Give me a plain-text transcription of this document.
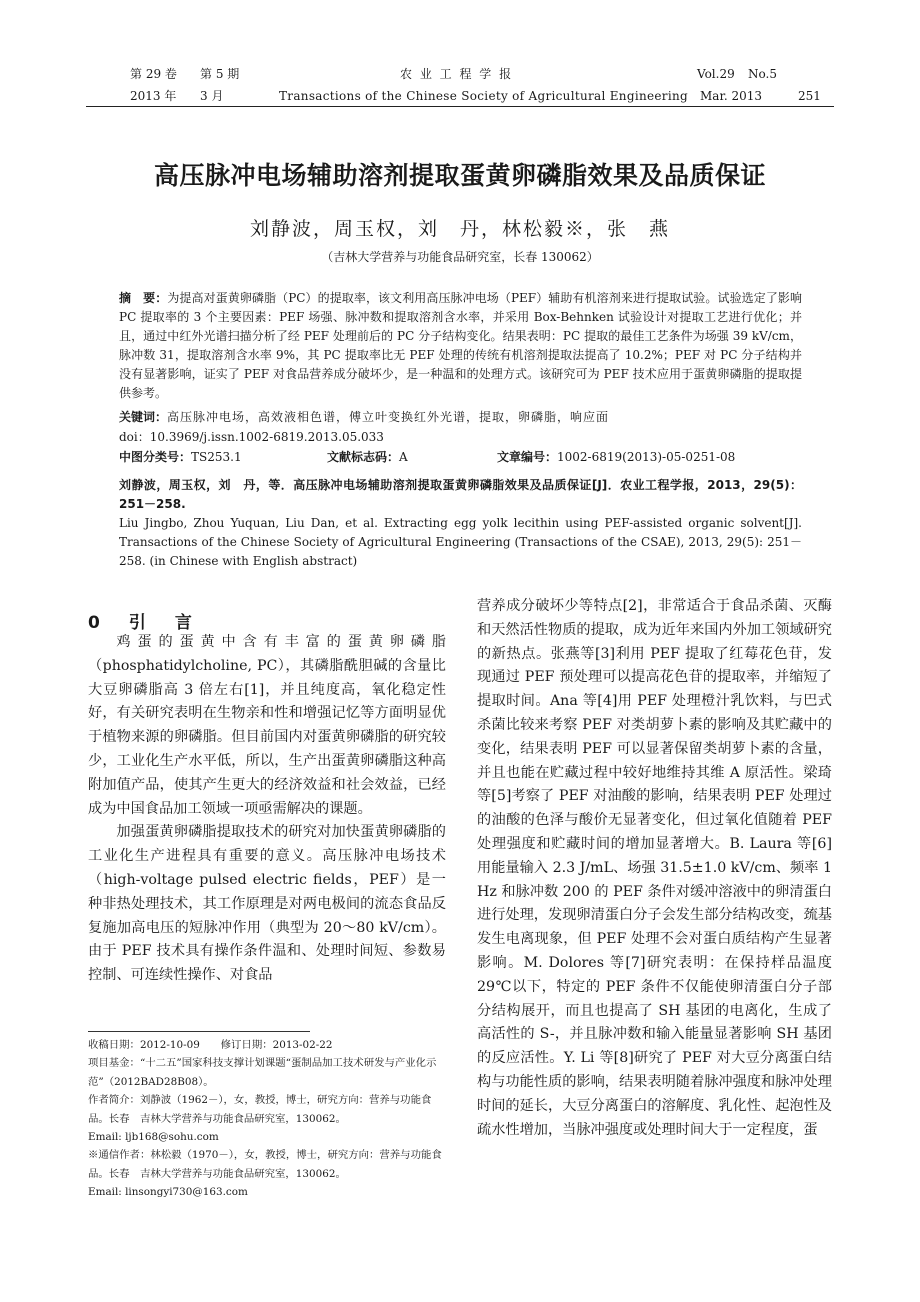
第 29 卷 第 5 期	农 业 工 程 学 报	Vol.29 No.5
2013 年 3 月	Transactions of the Chinese Society of Agricultural Engineering Mar. 2013	251
高压脉冲电场辅助溶剂提取蛋黄卵磷脂效果及品质保证
刘静波，周玉权，刘　丹，林松毅※，张　燕
（吉林大学营养与功能食品研究室，长春 130062）
摘　要：为提高对蛋黄卵磷脂（PC）的提取率，该文利用高压脉冲电场（PEF）辅助有机溶剂来进行提取试验。试验选定了影响 PC 提取率的 3 个主要因素：PEF 场强、脉冲数和提取溶剂含水率，并采用 Box-Behnken 试验设计对提取工艺进行优化；并且，通过中红外光谱扫描分析了经 PEF 处理前后的 PC 分子结构变化。结果表明：PC 提取的最佳工艺条件为场强 39 kV/cm，脉冲数 31，提取溶剂含水率 9%，其 PC 提取率比无 PEF 处理的传统有机溶剂提取法提高了 10.2%；PEF 对 PC 分子结构并没有显著影响，证实了 PEF 对食品营养成分破坏少，是一种温和的处理方式。该研究可为 PEF 技术应用于蛋黄卵磷脂的提取提供参考。
关键词：高压脉冲电场，高效液相色谱，傅立叶变换红外光谱，提取，卵磷脂，响应面
doi：10.3969/j.issn.1002-6819.2013.05.033
中图分类号：TS253.1	文献标志码：A	文章编号：1002-6819(2013)-05-0251-08
刘静波，周玉权，刘　丹，等．高压脉冲电场辅助溶剂提取蛋黄卵磷脂效果及品质保证[J]．农业工程学报，2013，29(5)：251－258.
Liu Jingbo, Zhou Yuquan, Liu Dan, et al. Extracting egg yolk lecithin using PEF-assisted organic solvent[J]. Transactions of the Chinese Society of Agricultural Engineering (Transactions of the CSAE), 2013, 29(5): 251－258. (in Chinese with English abstract)
0　引　言

鸡蛋的蛋黄中含有丰富的蛋黄卵磷脂（phosphatidylcholine, PC），其磷脂酰胆碱的含量比大豆卵磷脂高 3 倍左右[1]，并且纯度高，氧化稳定性好，有关研究表明在生物亲和性和增强记忆等方面明显优于植物来源的卵磷脂。但目前国内对蛋黄卵磷脂的研究较少，工业化生产水平低，所以，生产出蛋黄卵磷脂这种高附加值产品，使其产生更大的经济效益和社会效益，已经成为中国食品加工领域一项亟需解决的课题。

加强蛋黄卵磷脂提取技术的研究对加快蛋黄卵磷脂的工业化生产进程具有重要的意义。高压脉冲电场技术（high-voltage pulsed electric fields，PEF）是一种非热处理技术，其工作原理是对两电极间的流态食品反复施加高电压的短脉冲作用（典型为 20～80 kV/cm）。由于 PEF 技术具有操作条件温和、处理时间短、参数易控制、可连续性操作、对食品

营养成分破坏少等特点[2]，非常适合于食品杀菌、灭酶和天然活性物质的提取，成为近年来国内外加工领域研究的新热点。张燕等[3]利用 PEF 提取了红莓花色苷，发现通过 PEF 预处理可以提高花色苷的提取率，并缩短了提取时间。Ana 等[4]用 PEF 处理橙汁乳饮料，与巴式杀菌比较来考察 PEF 对类胡萝卜素的影响及其贮藏中的变化，结果表明 PEF 可以显著保留类胡萝卜素的含量，并且也能在贮藏过程中较好地维持其维 A 原活性。梁琦等[5]考察了 PEF 对油酸的影响，结果表明 PEF 处理过的油酸的色泽与酸价无显著变化，但过氧化值随着 PEF 处理强度和贮藏时间的增加显著增大。B. Laura 等[6]用能量输入 2.3 J/mL、场强 31.5±1.0 kV/cm、频率 1 Hz 和脉冲数 200 的 PEF 条件对缓冲溶液中的卵清蛋白进行处理，发现卵清蛋白分子会发生部分结构改变，巯基发生电离现象，但 PEF 处理不会对蛋白质结构产生显著影响。M. Dolores 等[7]研究表明：在保持样品温度 29℃以下，特定的 PEF 条件不仅能使卵清蛋白分子部分结构展开，而且也提高了 SH 基团的电离化，生成了高活性的 S-，并且脉冲数和输入能量显著影响 SH 基团的反应活性。Y. Li 等[8]研究了 PEF 对大豆分离蛋白结构与功能性质的影响，结果表明随着脉冲强度和脉冲处理时间的延长，大豆分离蛋白的溶解度、乳化性、起泡性及疏水性增加，当脉冲强度或处理时间大于一定程度，蛋

收稿日期：2012-10-09　　修订日期：2013-02-22

项目基金：“十二五”国家科技支撑计划课题“蛋制品加工技术研发与产业化示范”（2012BAD28B08）。

作者简介：刘静波（1962－），女，教授，博士，研究方向：营养与功能食品。长春　吉林大学营养与功能食品研究室，130062。

Email: ljb168@sohu.com

※通信作者：林松毅（1970－），女，教授，博士，研究方向：营养与功能食品。长春　吉林大学营养与功能食品研究室，130062。

Email: linsongyi730@163.com
